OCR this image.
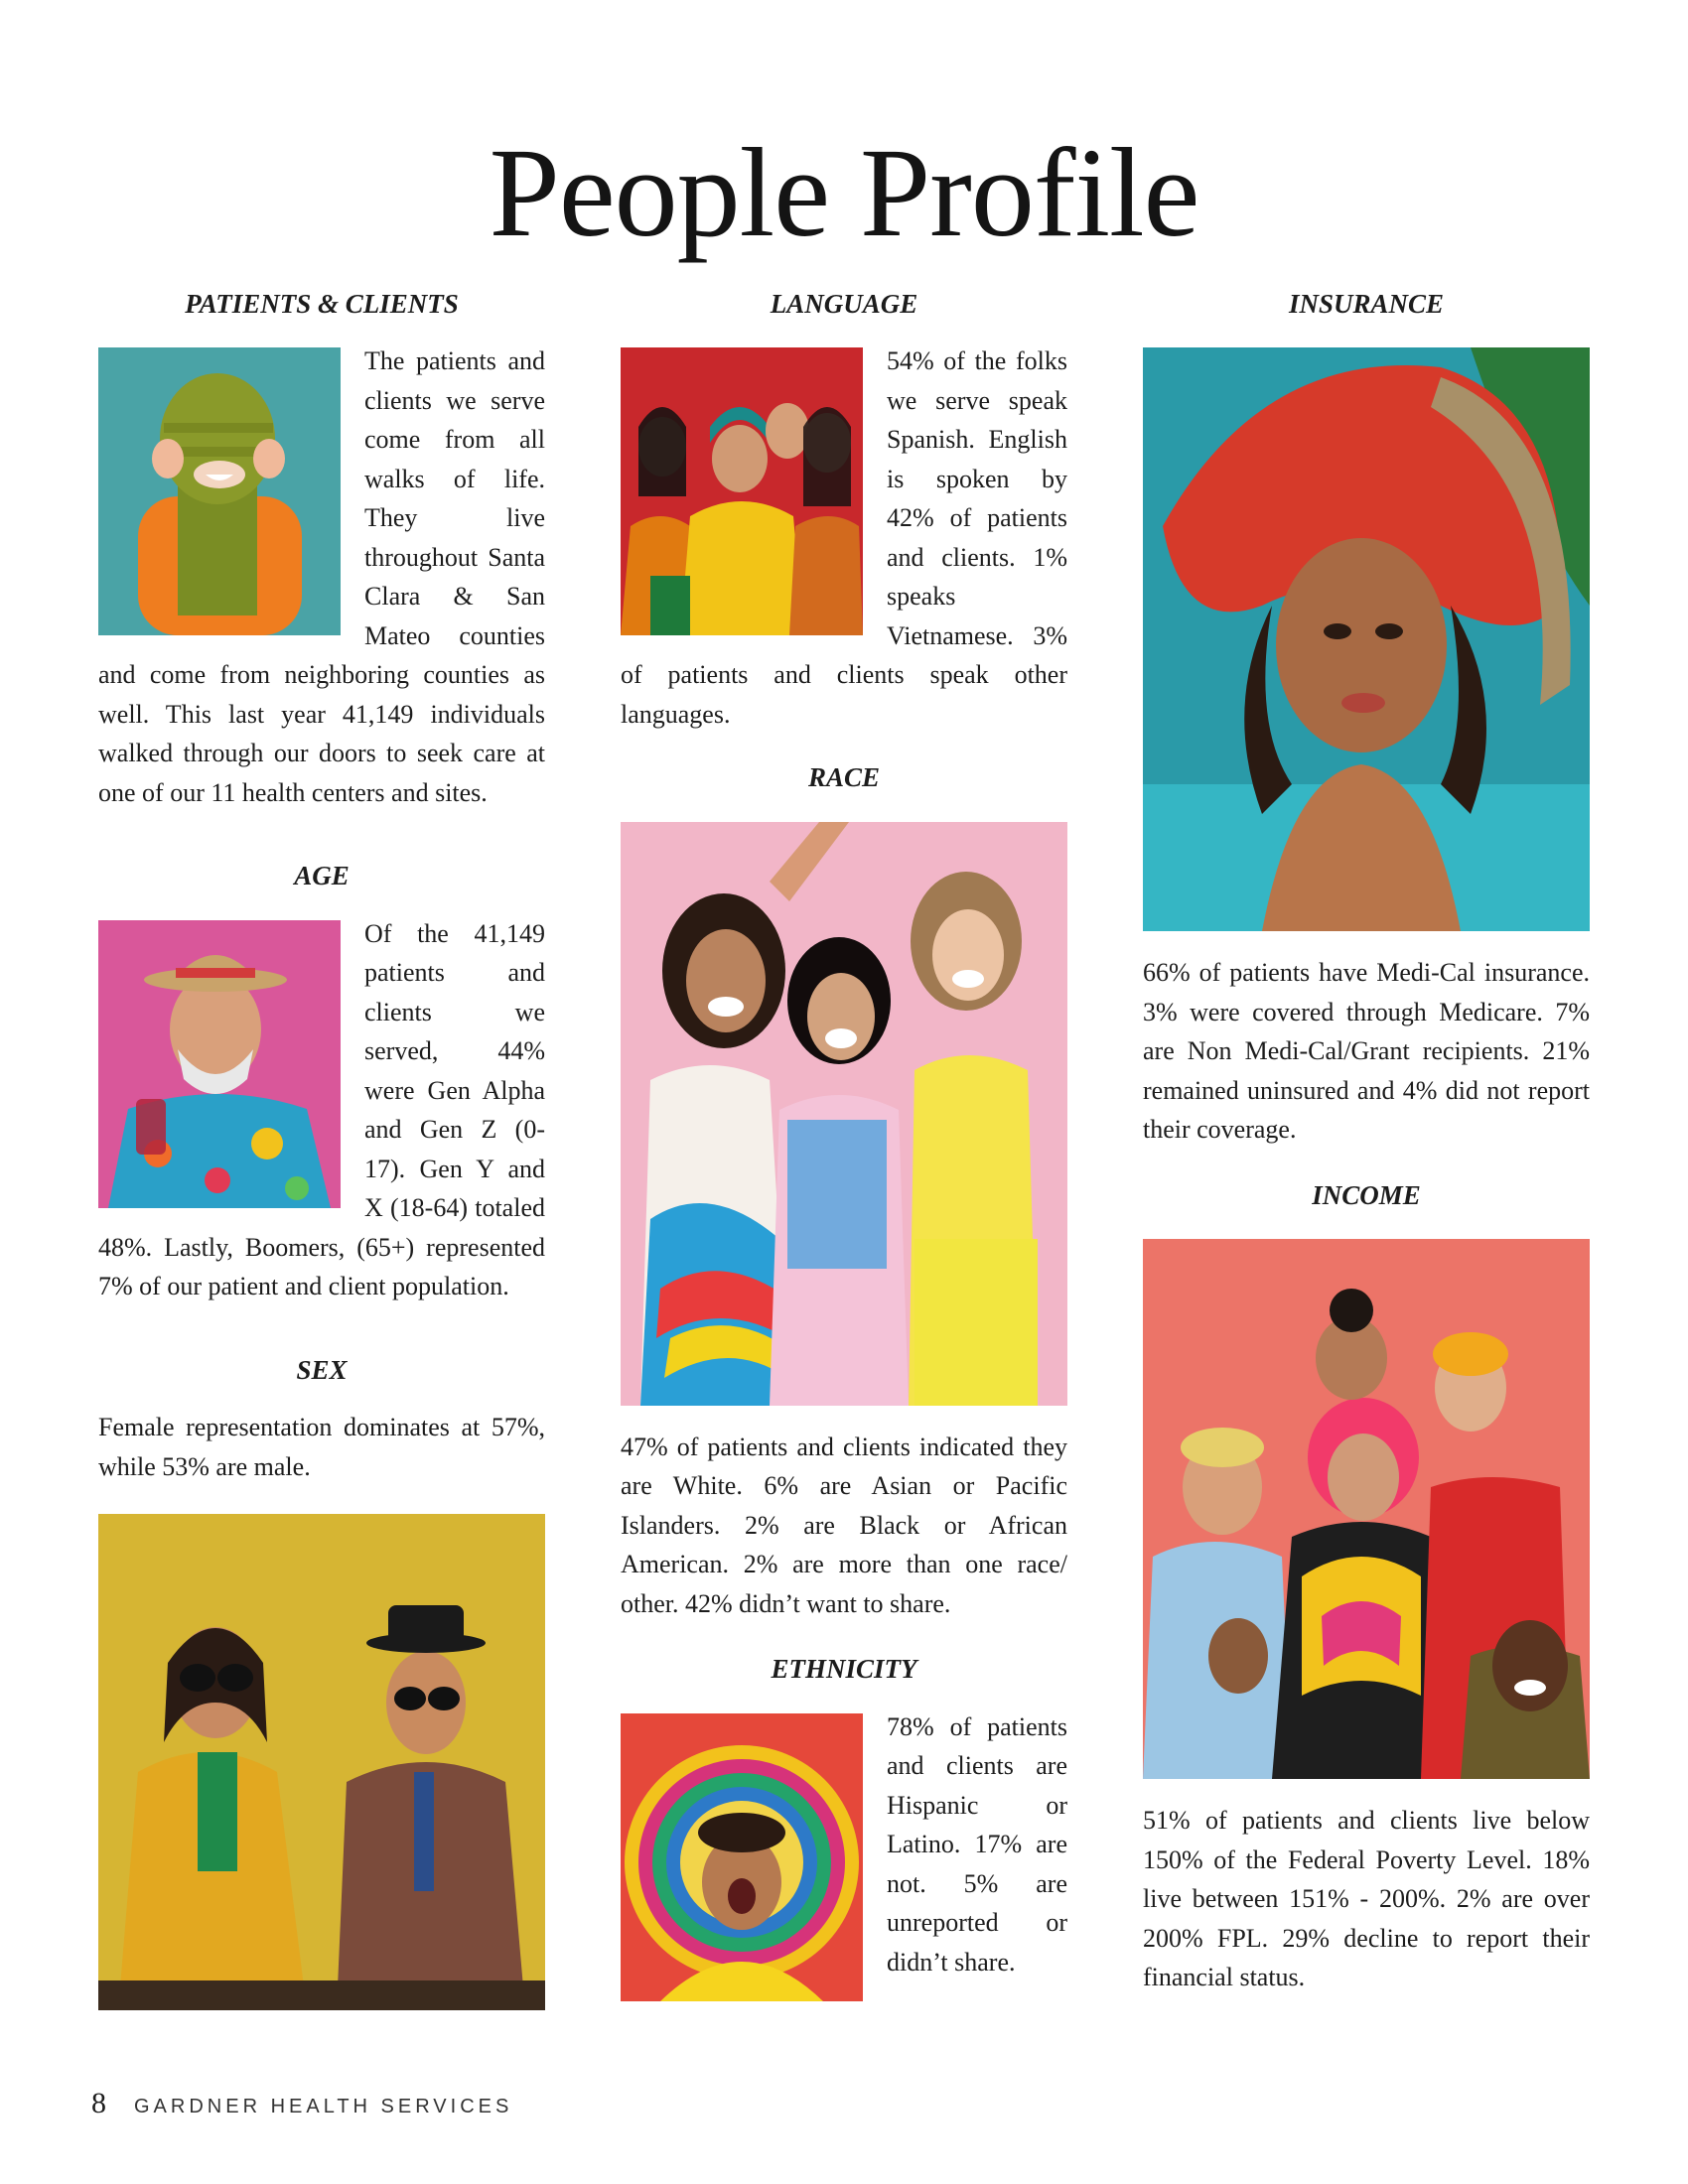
People Profile
PATIENTS & CLIENTS

The patients and clients we serve come from all walks of life. They live throughout Santa Clara & San Mateo counties and come from neighboring counties as well. This last year 41,149 individuals walked through our doors to seek care at one of our 11 health centers and sites.

AGE

Of the 41,149 patients and clients we served, 44% were Gen Alpha and Gen Z (0-17). Gen Y and X (18-64) totaled 48%. Lastly, Boomers, (65+) represented 7% of our patient and client population.

SEX

Female representation dominates at 57%, while 53% are male.

LANGUAGE

54% of the folks we serve speak Spanish. English is spoken by 42% of patients and clients. 1% speaks Vietnamese. 3% of patients and clients speak other languages.

RACE

47% of patients and clients indicated they are White. 6% are Asian or Pacific Islanders. 2% are Black or African American. 2% are more than one race/ other. 42% didn’t want to share.

ETHNICITY

78% of patients and clients are Hispanic or Latino. 17% are not. 5% are unreported or didn’t share.

INSURANCE

66% of patients have Medi-Cal insurance. 3% were covered through Medicare. 7% are Non Medi-Cal/Grant recipients. 21% remained uninsured and 4% did not report their coverage.

INCOME

51% of patients and clients live below 150% of the Federal Poverty Level. 18% live between 151% - 200%. 2% are over 200% FPL. 29% decline to report their financial status.

8 GARDNER HEALTH SERVICES
